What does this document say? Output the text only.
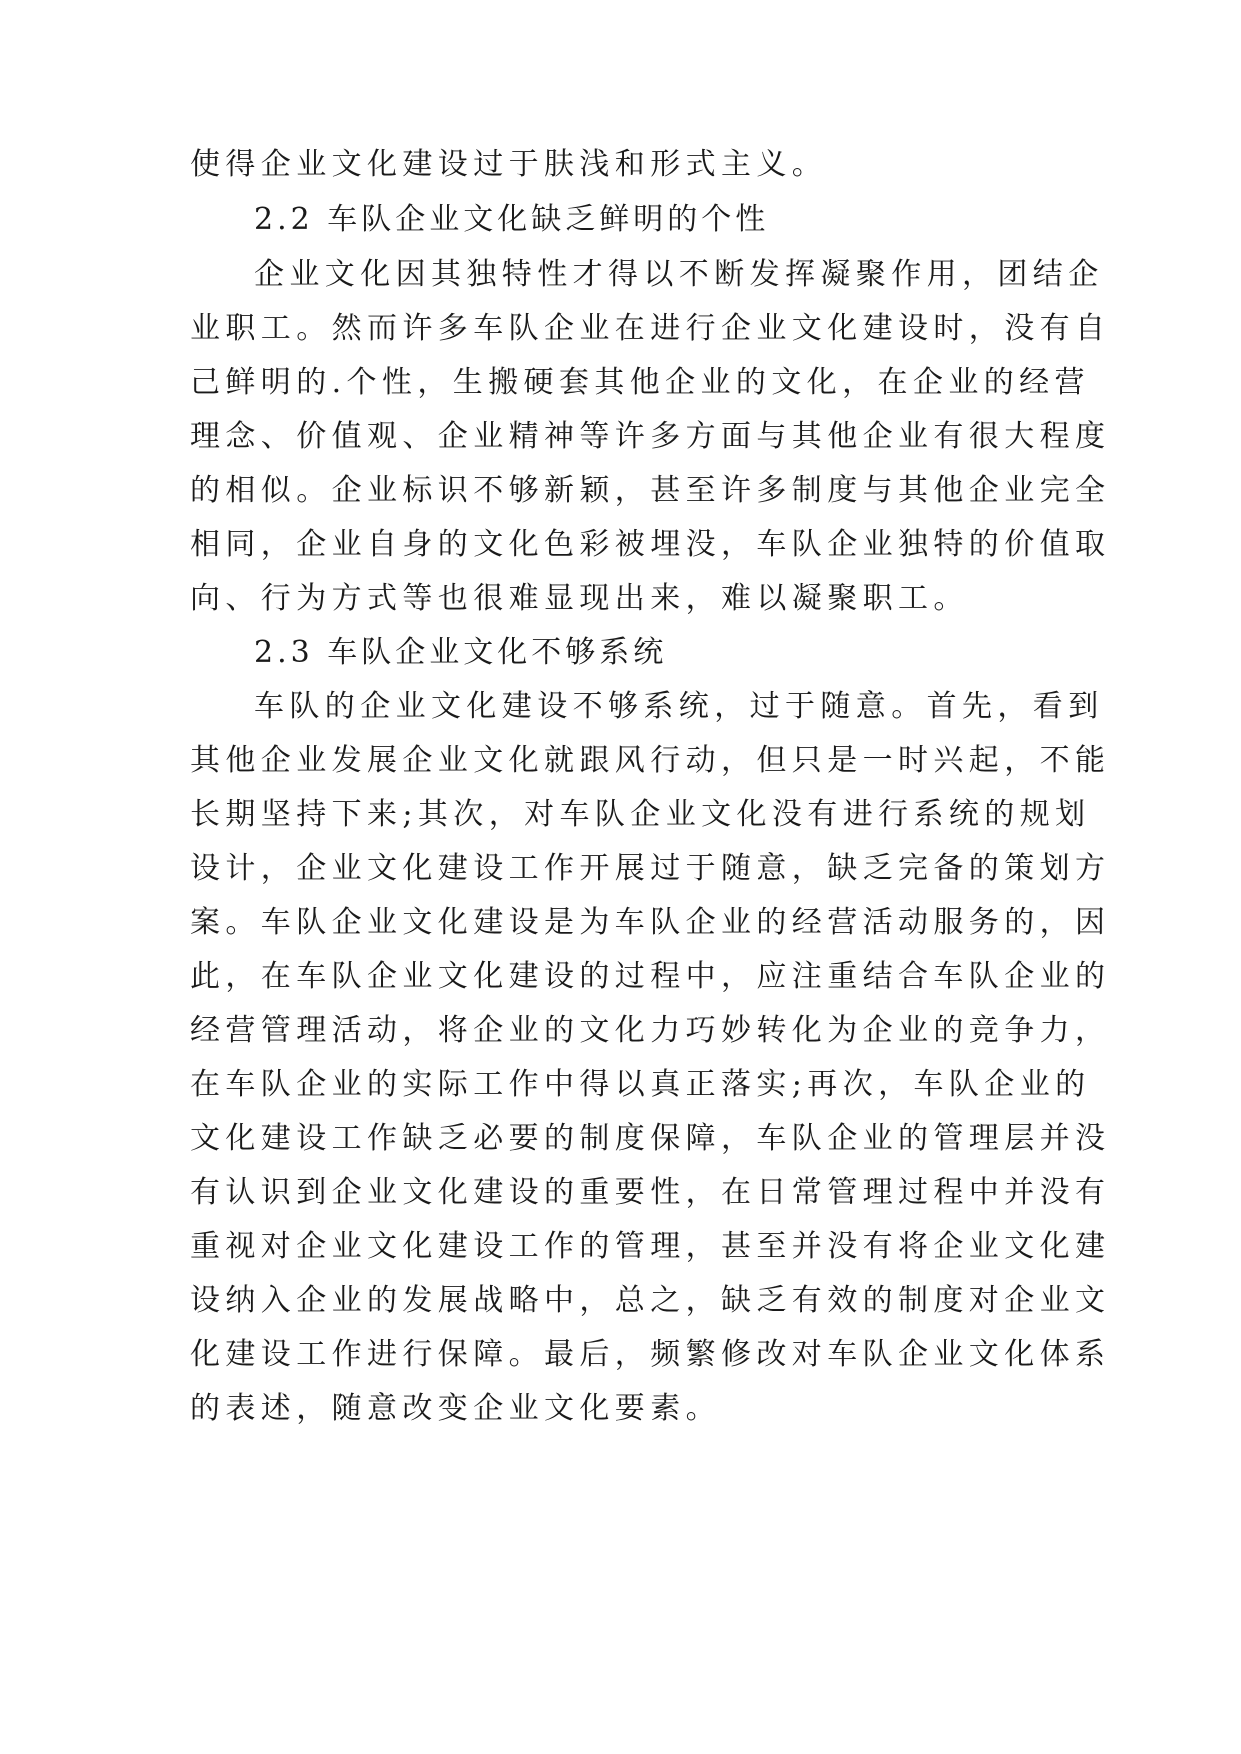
使得企业文化建设过于肤浅和形式主义。
2.2 车队企业文化缺乏鲜明的个性
企业文化因其独特性才得以不断发挥凝聚作用，团结企
业职工。然而许多车队企业在进行企业文化建设时，没有自
己鲜明的.个性，生搬硬套其他企业的文化，在企业的经营
理念、价值观、企业精神等许多方面与其他企业有很大程度
的相似。企业标识不够新颖，甚至许多制度与其他企业完全
相同，企业自身的文化色彩被埋没，车队企业独特的价值取
向、行为方式等也很难显现出来，难以凝聚职工。
2.3 车队企业文化不够系统
车队的企业文化建设不够系统，过于随意。首先，看到
其他企业发展企业文化就跟风行动，但只是一时兴起，不能
长期坚持下来;其次，对车队企业文化没有进行系统的规划
设计，企业文化建设工作开展过于随意，缺乏完备的策划方
案。车队企业文化建设是为车队企业的经营活动服务的，因
此，在车队企业文化建设的过程中，应注重结合车队企业的
经营管理活动，将企业的文化力巧妙转化为企业的竞争力，
在车队企业的实际工作中得以真正落实;再次，车队企业的
文化建设工作缺乏必要的制度保障，车队企业的管理层并没
有认识到企业文化建设的重要性，在日常管理过程中并没有
重视对企业文化建设工作的管理，甚至并没有将企业文化建
设纳入企业的发展战略中，总之，缺乏有效的制度对企业文
化建设工作进行保障。最后，频繁修改对车队企业文化体系
的表述，随意改变企业文化要素。
